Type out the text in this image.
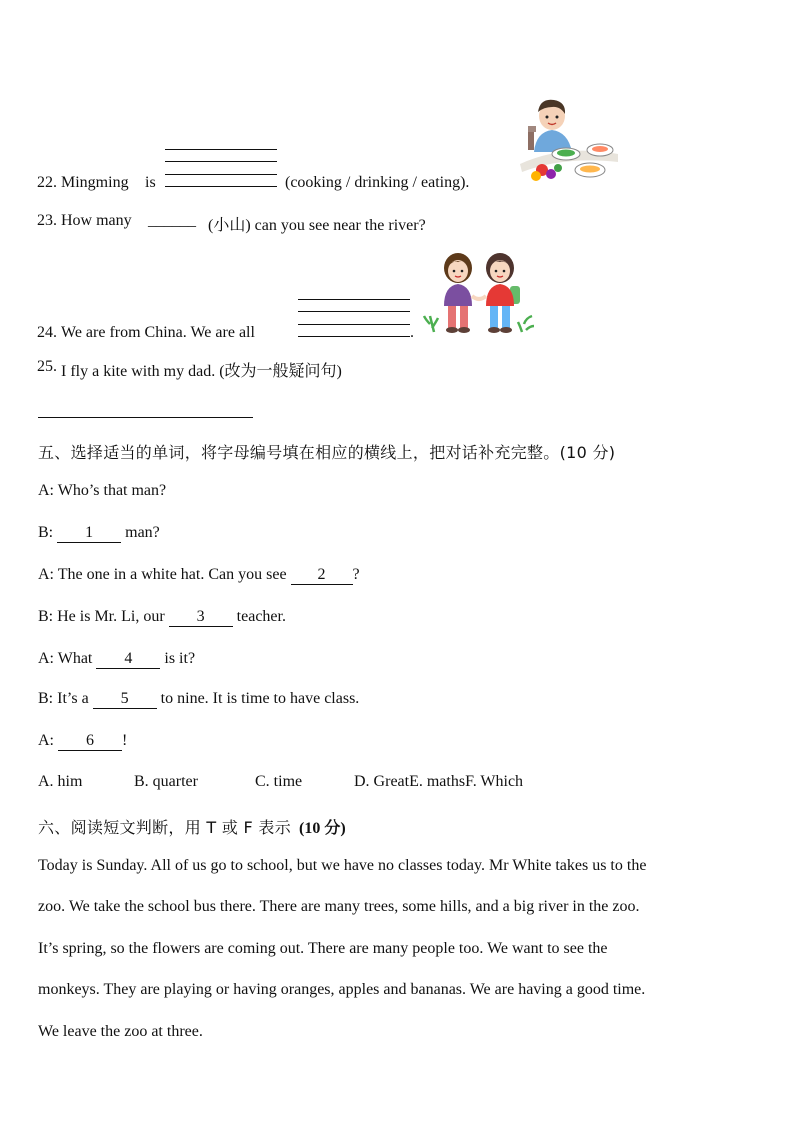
22. Mingming is	(cooking / drinking / eating).
23. How many ______ (小山) can you see near the river?
24. We are from China. We are all	.
25. I fly a kite with my dad. (改为一般疑问句)
五、选择适当的单词，将字母编号填在相应的横线上，把对话补充完整。(10 分)
A: Who’s that man?
B: 1 man?
A: The one in a white hat. Can you see 2 ?
B: He is Mr. Li, our 3 teacher.
A: What 4 is it?
B: It’s a 5 to nine. It is time to have class.
A: 6 !
A. him	B. quarter	C. time	D. GreatE. mathsF. Which
六、阅读短文判断，用 T 或 F 表示 (10 分)
Today is Sunday. All of us go to school, but we have no classes today. Mr White takes us to the
zoo. We take the school bus there. There are many trees, some hills, and a big river in the zoo.
It’s spring, so the flowers are coming out. There are many people too. We want to see the
monkeys. They are playing or having oranges, apples and bananas. We are having a good time.
We leave the zoo at three.
